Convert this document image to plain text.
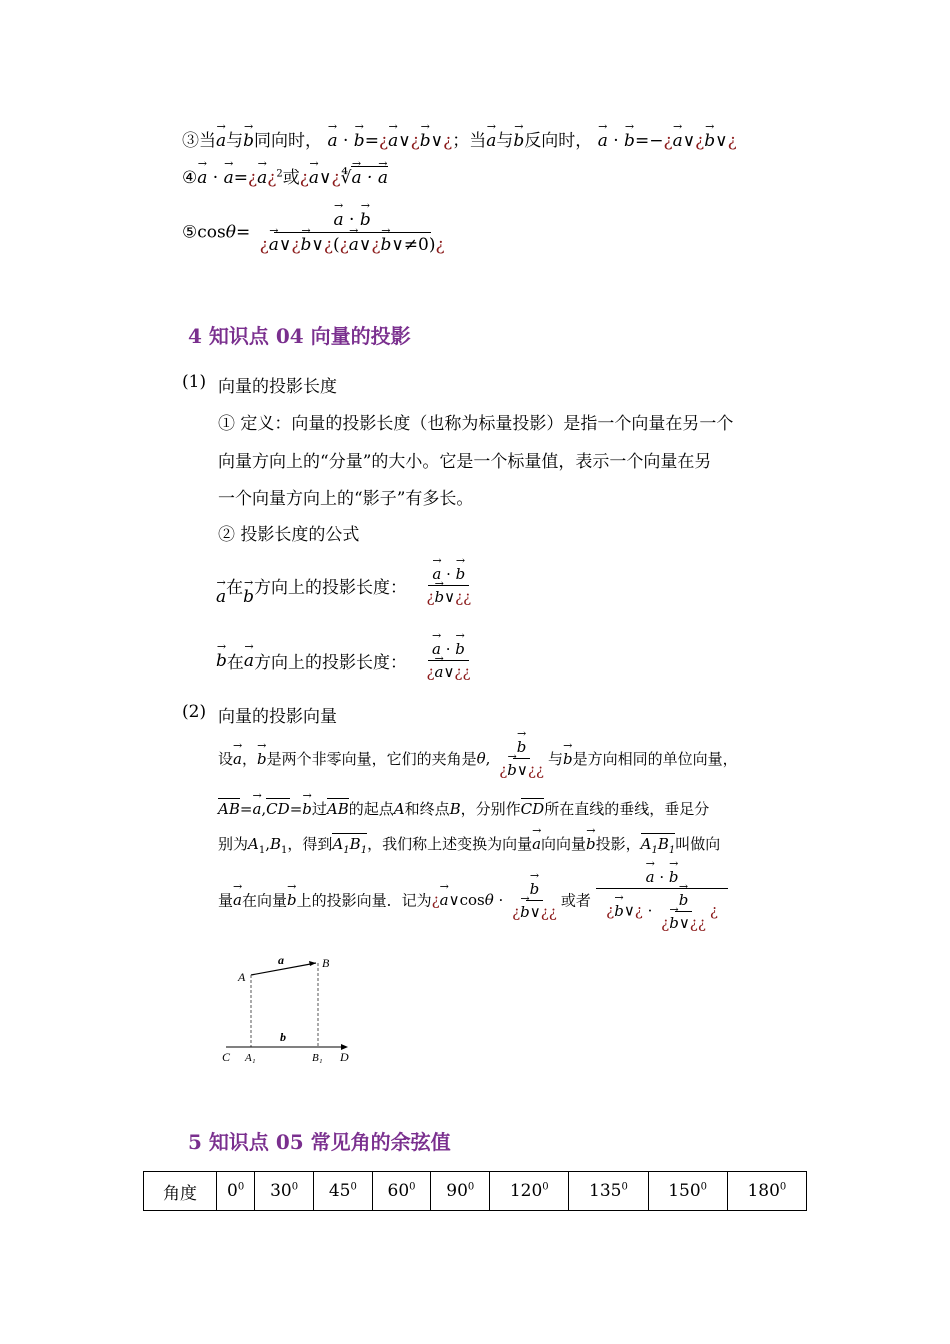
③当→ a与→ b同向时， → a · → b=¿→ a∨¿→ b∨¿；当→ a与→ b反向时， → a · → b=−¿→ a∨¿→ b∨¿
④→ a · → a=¿→ a¿$^2$或¿→ a∨¿∜→ a · → a
⑤cosθ=
→ $\frac{a \cdot \to b}{¿\to a\vee¿\to b\vee¿(¿\to a\vee¿\to b\vee\ne 0)¿}$
4 知识点 04 向量的投影
(1) 向量的投影长度
① 定义：向量的投影长度（也称为标量投影）是指一个向量在另一个
向量方向上的“分量”的大小。它是一个标量值，表示一个向量在另
一个向量方向上的“影子”有多长。
② 投影长度的公式
→ a在→ b方向上的投影长度：
→ $\frac{a \cdot \to b}{¿\to b\vee¿¿}$
→ b在→ a方向上的投影长度：
→ $\frac{a \cdot \to b}{¿\to a\vee¿¿}$
(2) 向量的投影向量
设→ a，→ b是两个非零向量，它们的夹角是θ,
→ $\frac{b}{¿\to b\vee¿¿}$ 与→ b是方向相同的单位向量，
AB=→ a,CD=→ b过AB的起点A和终点B，分别作CD所在直线的垂线，垂足分
别为$A_1,B_1$，得到$A_1B_1$，我们称上述变换为向量→ a向向量→ b投影，$A_1B_1$叫做向
量→ a在向量→ b上的投影向量．记为¿→ a∨cosθ ·
→ $\frac{b}{¿\to b\vee¿¿}$ 或者
→ a · → b
¿→ b∨¿ ·
→ $\frac{b}{¿\to b\vee¿¿}$ ¿
A
a	B
b
C A₁	B₁ D
5 知识点 05 常见角的余弦值
角度	$0^0$	$30^0$	$45^0$	$60^0$	$90^0$	$120^0$	$135^0$	$150^0$	$180^0$
